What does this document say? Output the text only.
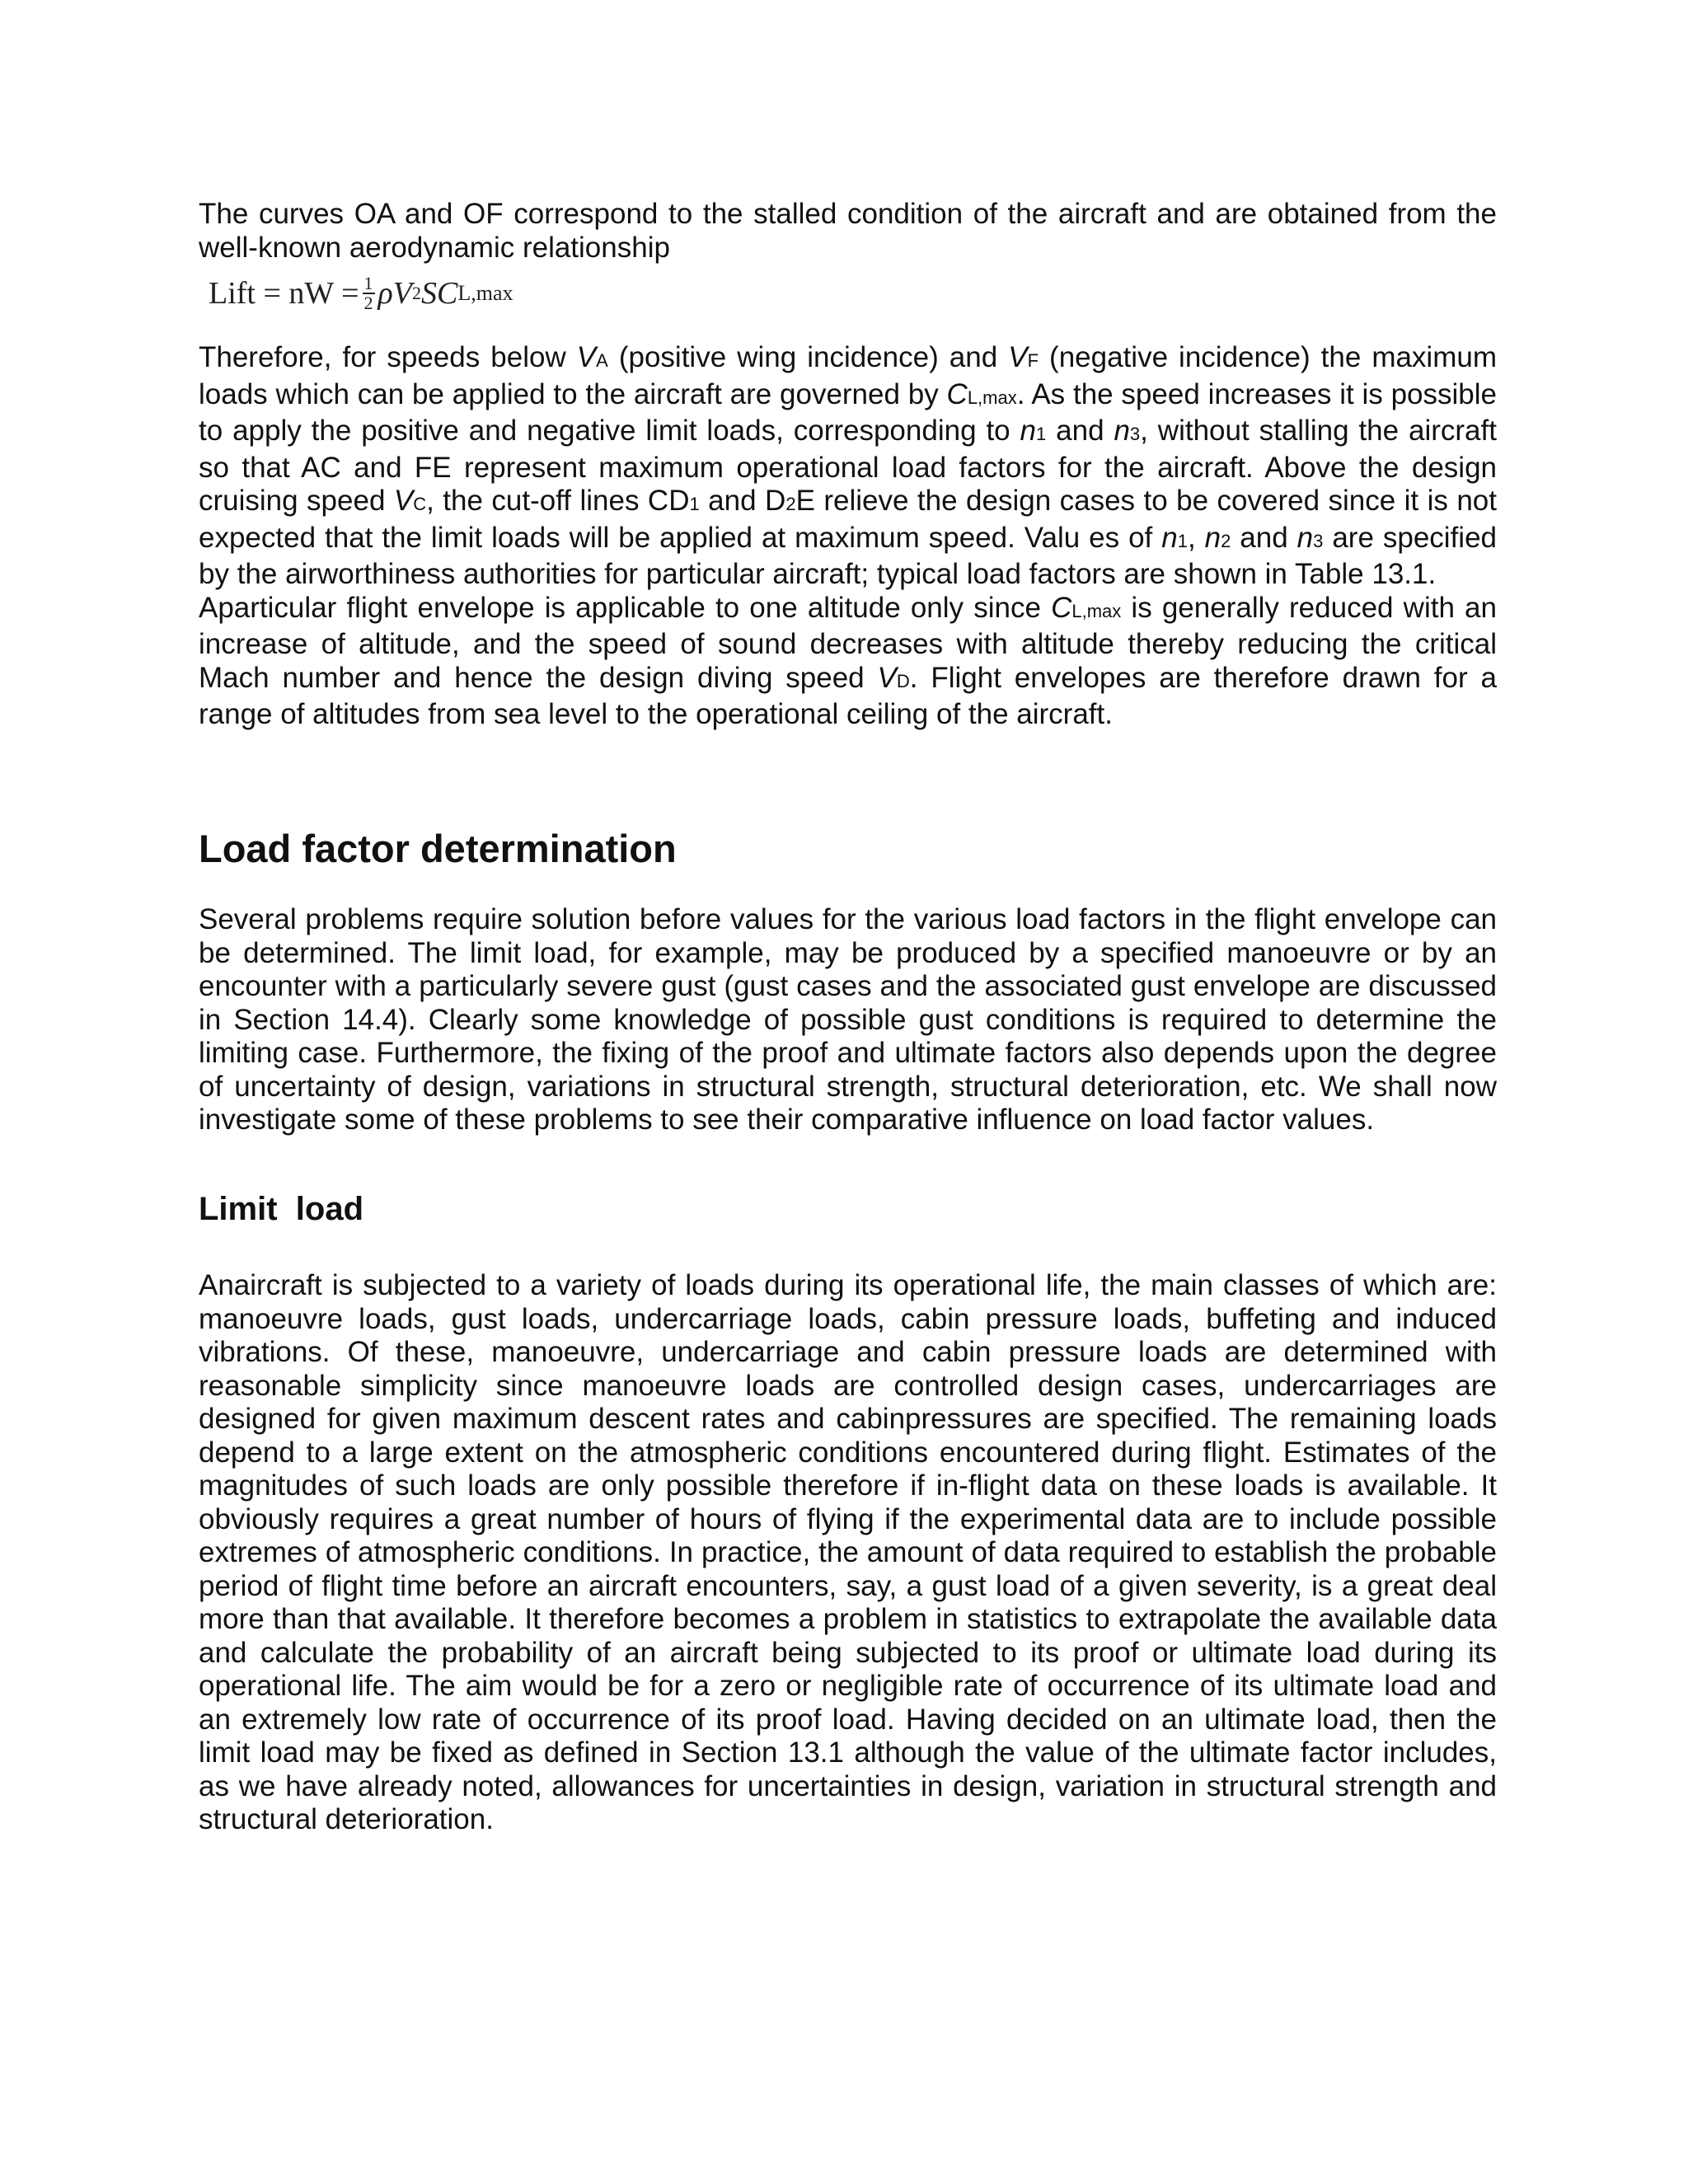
The curves OA and OF correspond to the stalled condition of the aircraft and are obtained from the well-known aerodynamic relationship

Lift = nW = $\frac{1}{2}$ ρV 2 SC L,max

Therefore, for speeds below VA (positive wing incidence) and VF (negative incidence) the maximum loads which can be applied to the aircraft are governed by CL,max. As the speed increases it is possible to apply the positive and negative limit loads, corresponding to n1 and n3, without stalling the aircraft so that AC and FE represent maximum operational load factors for the aircraft. Above the design cruising speed VC, the cut-off lines CD1 and D2E relieve the design cases to be covered since it is not expected that the limit loads will be applied at maximum speed. Valu es of n1, n2 and n3 are specified by the airworthiness authorities for particular aircraft; typical load factors are shown in Table 13.1.
Aparticular flight envelope is applicable to one altitude only since CL,max is generally reduced with an increase of altitude, and the speed of sound decreases with altitude thereby reducing the critical Mach number and hence the design diving speed VD. Flight envelopes are therefore drawn for a range of altitudes from sea level to the operational ceiling of the aircraft.

Load factor determination

Several problems require solution before values for the various load factors in the flight envelope can be determined. The limit load, for example, may be produced by a specified manoeuvre or by an encounter with a particularly severe gust (gust cases and the associated gust envelope are discussed in Section 14.4). Clearly some knowledge of possible gust conditions is required to determine the limiting case. Furthermore, the fixing of the proof and ultimate factors also depends upon the degree of uncertainty of design, variations in structural strength, structural deterioration, etc. We shall now investigate some of these problems to see their comparative influence on load factor values.

Limit  load

Anaircraft is subjected to a variety of loads during its operational life, the main classes of which are: manoeuvre loads, gust loads, undercarriage loads, cabin pressure loads, buffeting and induced vibrations. Of these, manoeuvre, undercarriage and cabin pressure loads are determined with reasonable simplicity since manoeuvre loads are controlled design cases, undercarriages are designed for given maximum descent rates and cabinpressures are specified. The remaining loads depend to a large extent on the atmospheric conditions encountered during flight. Estimates of the magnitudes of such loads are only possible therefore if in-flight data on these loads is available. It obviously requires a great number of hours of flying if the experimental data are to include possible extremes of atmospheric conditions. In practice, the amount of data required to establish the probable period of flight time before an aircraft encounters, say, a gust load of a given severity, is a great deal more than that available. It therefore becomes a problem in statistics to extrapolate the available data and calculate the probability of an aircraft being subjected to its proof or ultimate load during its operational life. The aim would be for a zero or negligible rate of occurrence of its ultimate load and an extremely low rate of occurrence of its proof load. Having decided on an ultimate load, then the limit load may be fixed as defined in Section 13.1 although the value of the ultimate factor includes, as we have already noted, allowances for uncertainties in design, variation in structural strength and structural deterioration.
